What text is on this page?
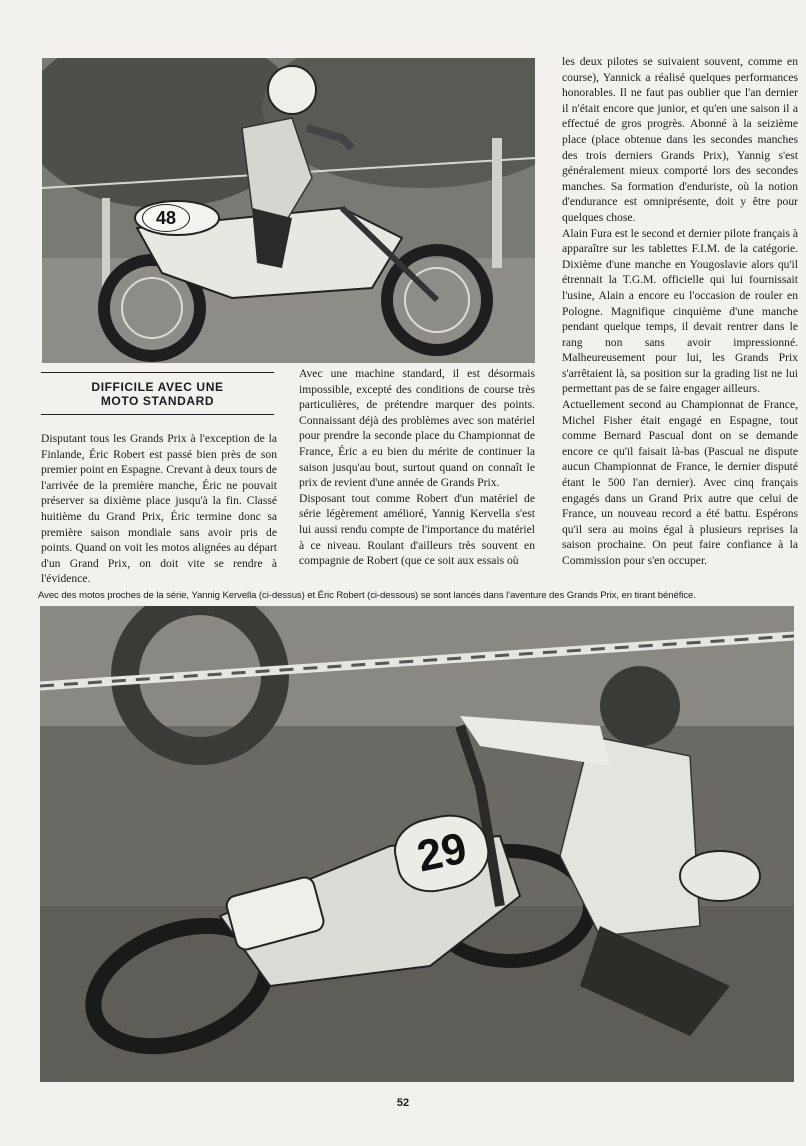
48
DIFFICILE AVEC UNE
MOTO STANDARD

Disputant tous les Grands Prix à l'exception de la Finlande, Éric Robert est passé bien près de son premier point en Espagne. Crevant à deux tours de l'arrivée de la première manche, Éric ne pouvait préserver sa dixième place jusqu'à la fin. Classé huitième du Grand Prix, Éric termine donc sa première saison mondiale sans avoir pris de points. Quand on voit les motos alignées au départ d'un Grand Prix, on doit vite se rendre à l'évidence.

Avec une machine standard, il est désormais impossible, excepté des conditions de course très particulières, de prétendre marquer des points. Connaissant déjà des problèmes avec son matériel pour prendre la seconde place du Championnat de France, Éric a eu bien du mérite de continuer la saison jusqu'au bout, surtout quand on connaît le prix de revient d'une année de Grands Prix.

Disposant tout comme Robert d'un matériel de série légèrement amélioré, Yannig Kervella s'est lui aussi rendu compte de l'importance du matériel à ce niveau. Roulant d'ailleurs très souvent en compagnie de Robert (que ce soit aux essais où

les deux pilotes se suivaient souvent, comme en course), Yannick a réalisé quelques performances honorables. Il ne faut pas oublier que l'an dernier il n'était encore que junior, et qu'en une saison il a effectué de gros progrès. Abonné à la seizième place (place obtenue dans les secondes manches des trois derniers Grands Prix), Yannig s'est généralement mieux comporté lors des secondes manches. Sa formation d'enduriste, où la notion d'endurance est omniprésente, doit y être pour quelques chose.

Alain Fura est le second et dernier pilote français à apparaître sur les tablettes F.I.M. de la catégorie. Dixième d'une manche en Yougoslavie alors qu'il étrennait la T.G.M. officielle qui lui fournissait l'usine, Alain a encore eu l'occasion de rouler en Pologne. Magnifique cinquième d'une manche pendant quelque temps, il devait rentrer dans le rang non sans avoir impressionné. Malheureusement pour lui, les Grands Prix s'arrêtaient là, sa position sur la grading list ne lui permettant pas de se faire engager ailleurs.

Actuellement second au Championnat de France, Michel Fisher était engagé en Espagne, tout comme Bernard Pascual dont on se demande encore ce qu'il faisait là-bas (Pascual ne dispute aucun Championnat de France, le dernier disputé étant le 500 l'an dernier). Avec cinq français engagés dans un Grand Prix autre que celui de France, un nouveau record a été battu. Espérons qu'il sera au moins égal à plusieurs reprises la saison prochaine. On peut faire confiance à la Commission pour s'en occuper.

Avec des motos proches de la série, Yannig Kervella (ci-dessus) et Éric Robert (ci-dessous) se sont lancés dans l'aventure des Grands Prix, en tirant bénéfice.
29
52
